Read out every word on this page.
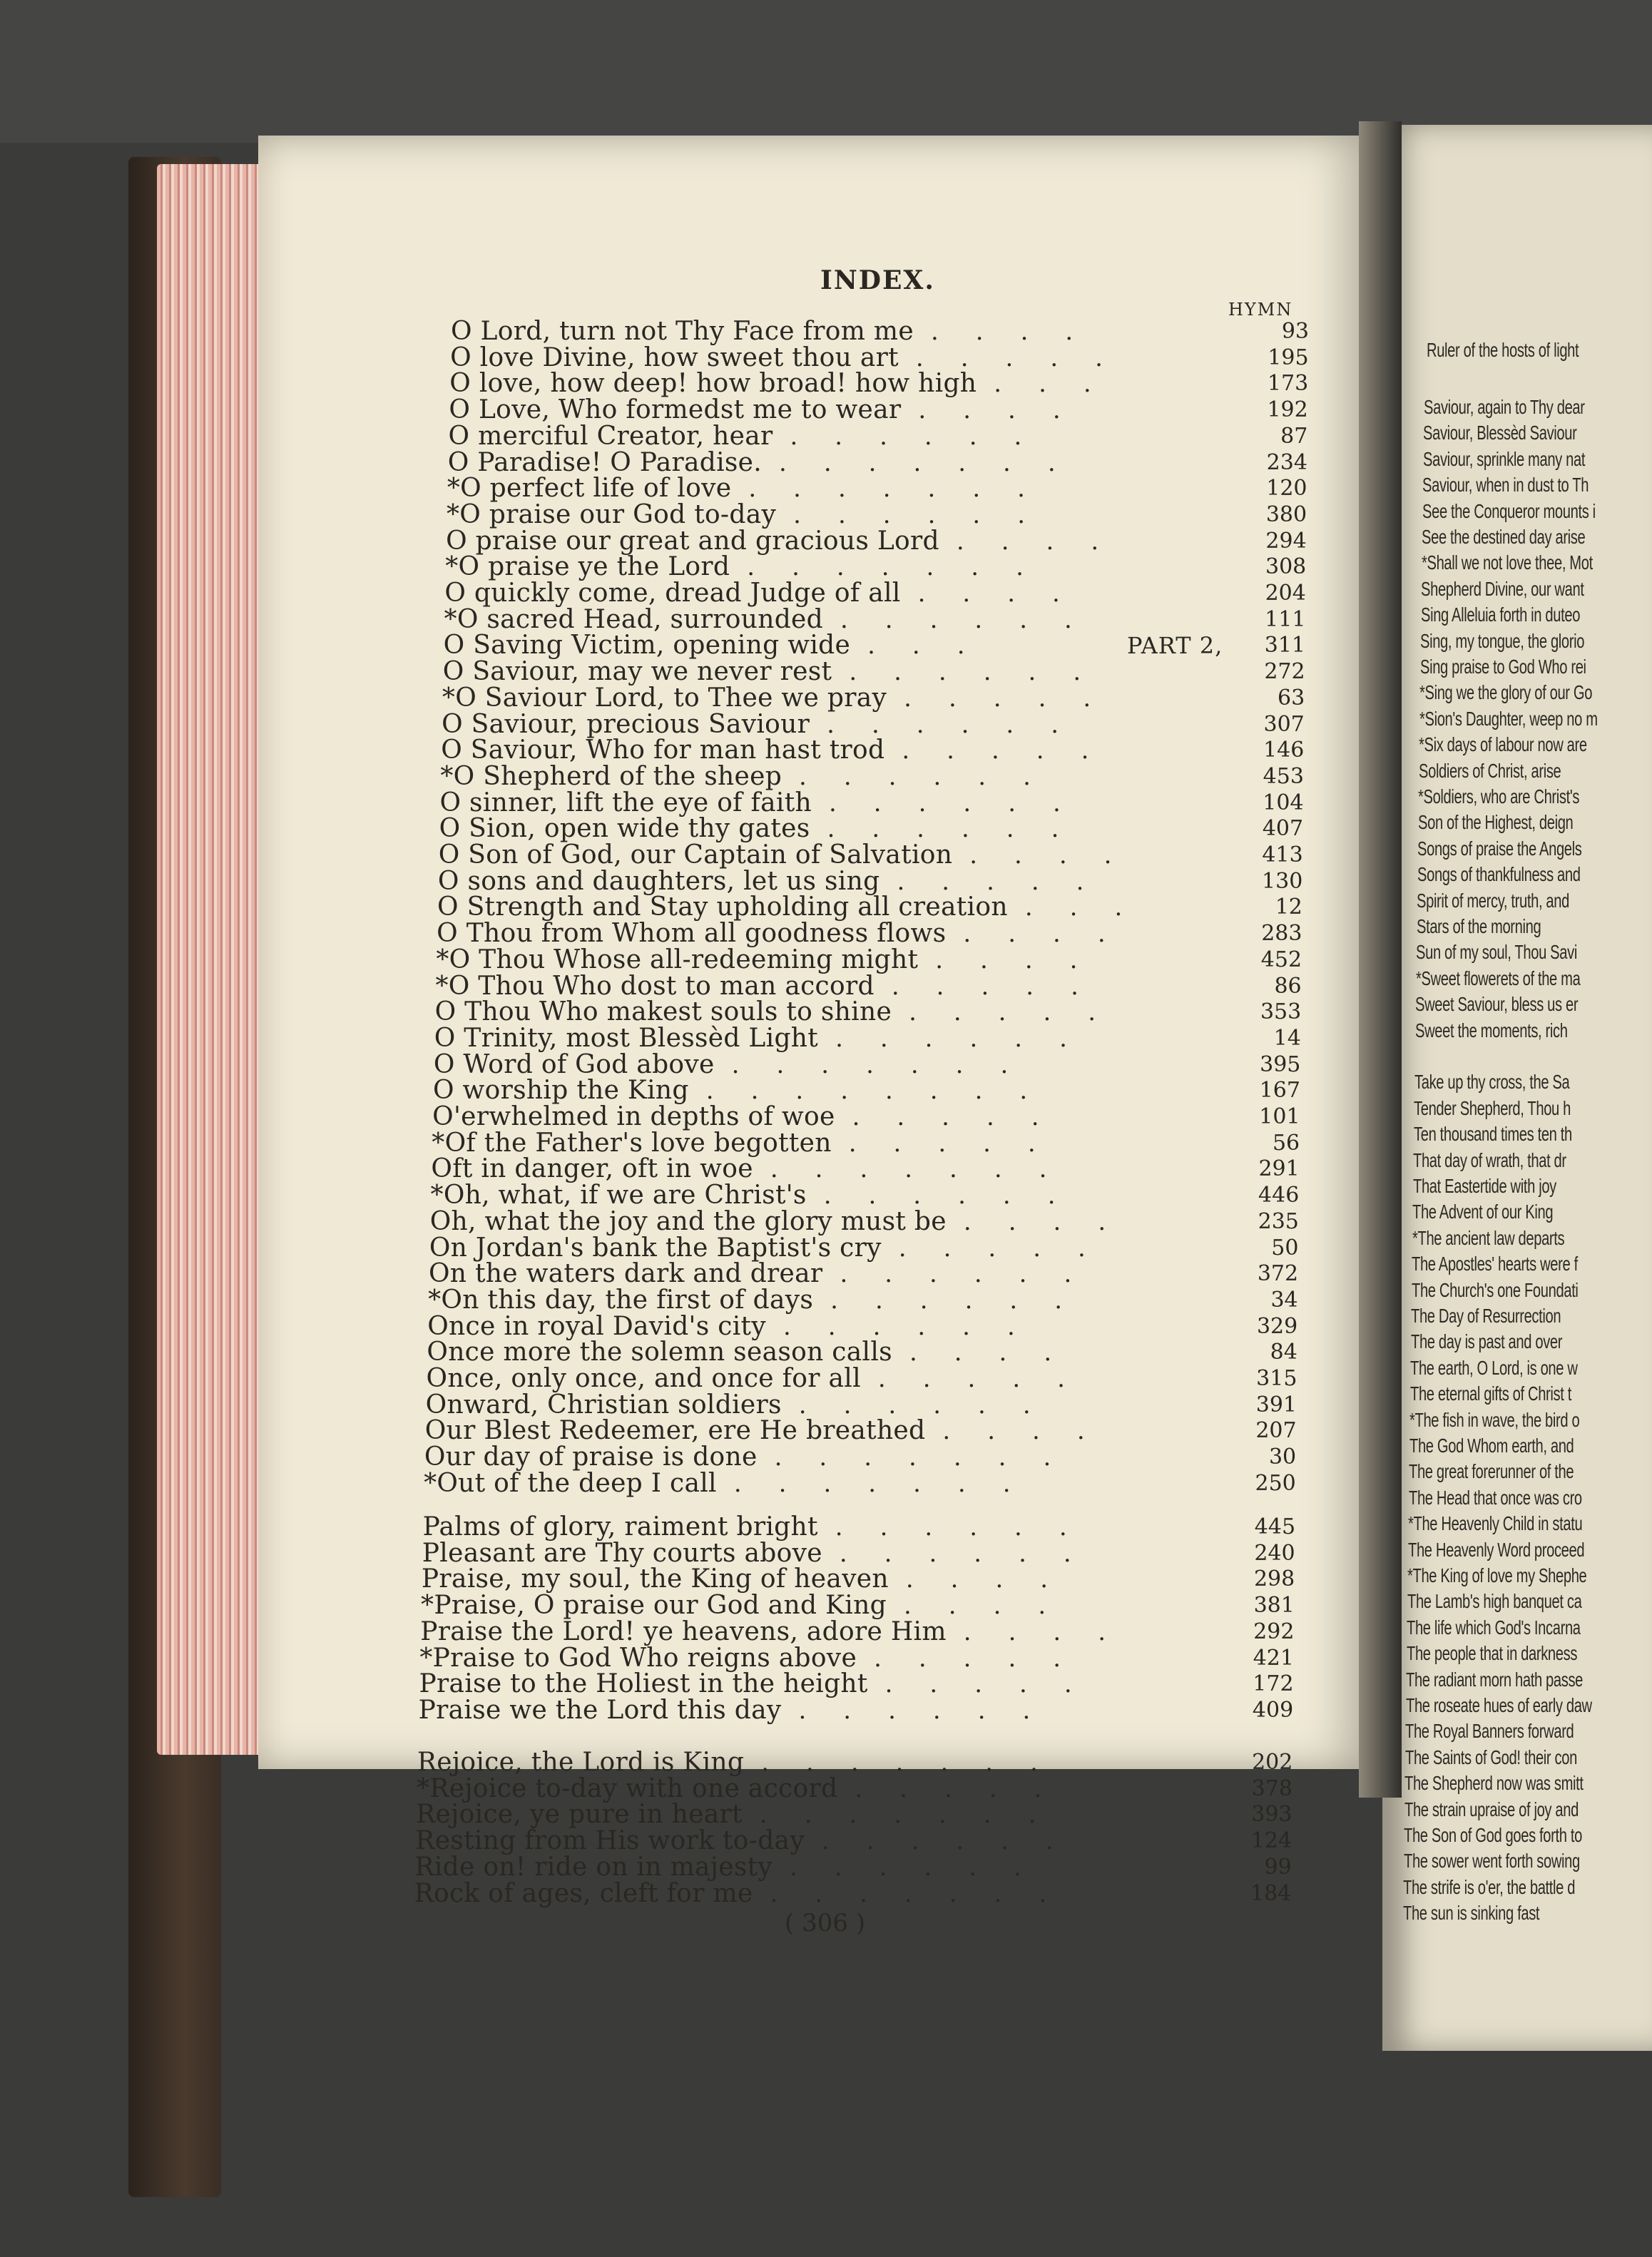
Ruler of the hosts of light
Saviour, again to Thy dear
Saviour, Blessèd Saviour
Saviour, sprinkle many nat
Saviour, when in dust to Th
See the Conqueror mounts i
See the destined day arise
*Shall we not love thee, Mot
Shepherd Divine, our want
Sing Alleluia forth in duteo
Sing, my tongue, the glorio
Sing praise to God Who rei
*Sing we the glory of our Go
*Sion's Daughter, weep no m
*Six days of labour now are
Soldiers of Christ, arise
*Soldiers, who are Christ's
Son of the Highest, deign
Songs of praise the Angels
Songs of thankfulness and
Spirit of mercy, truth, and
Stars of the morning
Sun of my soul, Thou Savi
*Sweet flowerets of the ma
Sweet Saviour, bless us er
Sweet the moments, rich
Take up thy cross, the Sa
Tender Shepherd, Thou h
Ten thousand times ten th
That day of wrath, that dr
That Eastertide with joy
The Advent of our King
*The ancient law departs
The Apostles' hearts were f
The Church's one Foundati
The Day of Resurrection
The day is past and over
The earth, O Lord, is one w
The eternal gifts of Christ t
*The fish in wave, the bird o
The God Whom earth, and
The great forerunner of the
The Head that once was cro
*The Heavenly Child in statu
The Heavenly Word proceed
*The King of love my Shephe
The Lamb's high banquet ca
The life which God's Incarna
The people that in darkness
The radiant morn hath passe
The roseate hues of early daw
The Royal Banners forward
The Saints of God! their con
The Shepherd now was smitt
The strain upraise of joy and
The Son of God goes forth to
The sower went forth sowing
The strife is o'er, the battle d
The sun is sinking fast
INDEX.
HYMN
O Lord, turn not Thy Face from me ....	93
O love Divine, how sweet thou art .....	195
O love, how deep! how broad! how high ...	173
O Love, Who formedst me to wear ....	192
O merciful Creator, hear ......	87
O Paradise! O Paradise. .......	234
*O perfect life of love .......	120
*O praise our God to-day ......	380
O praise our great and gracious Lord ....	294
*O praise ye the Lord .......	308
O quickly come, dread Judge of all ....	204
*O sacred Head, surrounded ......	111
O Saving Victim, opening wide ...	PART 2,	311
O Saviour, may we never rest ......	272
*O Saviour Lord, to Thee we pray .....	63
O Saviour, precious Saviour ......	307
O Saviour, Who for man hast trod .....	146
*O Shepherd of the sheep ......	453
O sinner, lift the eye of faith ......	104
O Sion, open wide thy gates ......	407
O Son of God, our Captain of Salvation ....	413
O sons and daughters, let us sing .....	130
O Strength and Stay upholding all creation ...	12
O Thou from Whom all goodness flows ....	283
*O Thou Whose all-redeeming might ....	452
*O Thou Who dost to man accord .....	86
O Thou Who makest souls to shine .....	353
O Trinity, most Blessèd Light ......	14
O Word of God above .......	395
O worship the King ........	167
O'erwhelmed in depths of woe .....	101
*Of the Father's love begotten .....	56
Oft in danger, oft in woe .......	291
*Oh, what, if we are Christ's ......	446
Oh, what the joy and the glory must be ....	235
On Jordan's bank the Baptist's cry .....	50
On the waters dark and drear ......	372
*On this day, the first of days ......	34
Once in royal David's city ......	329
Once more the solemn season calls ....	84
Once, only once, and once for all .....	315
Onward, Christian soldiers ......	391
Our Blest Redeemer, ere He breathed ....	207
Our day of praise is done .......	30
*Out of the deep I call .......	250
Palms of glory, raiment bright ......	445
Pleasant are Thy courts above ......	240
Praise, my soul, the King of heaven ....	298
*Praise, O praise our God and King ....	381
Praise the Lord! ye heavens, adore Him ....	292
*Praise to God Who reigns above .....	421
Praise to the Holiest in the height .....	172
Praise we the Lord this day ......	409
Rejoice, the Lord is King .......	202
*Rejoice to-day with one accord .....	378
Rejoice, ye pure in heart .......	393
Resting from His work to-day ......	124
Ride on! ride on in majesty ......	99
Rock of ages, cleft for me .......	184
( 306 )
